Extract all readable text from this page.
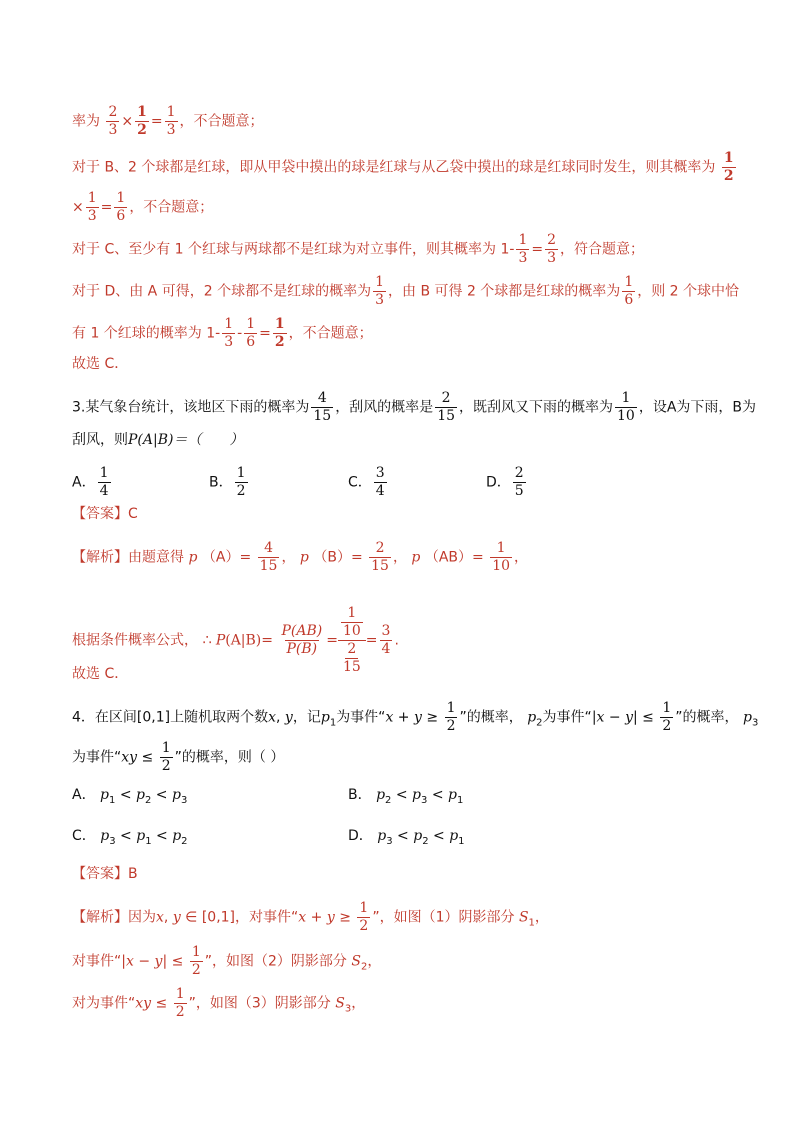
率为 $\frac{2}{3} \times \frac{1}{2} = \frac{1}{3}$ ，不合题意；
对于 B、2 个球都是红球，即从甲袋中摸出的球是红球与从乙袋中摸出的球是红球同时发生，则其概率为 $\frac{1}{2}$
× $\frac{1}{3} = \frac{1}{6}$ ，不合题意；
对于 C、至少有 1 个红球与两球都不是红球为对立事件，则其概率为 $1- \frac{1}{3} = \frac{2}{3}$ ，符合题意；
对于 D、由 A 可得，2 个球都不是红球的概率为 $\frac{1}{3}$ ，由 B 可得 2 个球都是红球的概率为 $\frac{1}{6}$ ，则 2 个球中恰
有 1 个红球的概率为 $1- \frac{1}{3} - \frac{1}{6} = \frac{1}{2}$ ，不合题意；
故选 C．
3.某气象台统计，该地区下雨的概率为 $\frac{4}{15}$ ，刮风的概率是 $\frac{2}{15}$ ，既刮风又下雨的概率为 $\frac{1}{10}$ ，设A为下雨，B为
刮风，则P(A|B)＝（　　）
A． $\frac{1}{4}$	B． $\frac{1}{2}$	C． $\frac{3}{4}$	D． $\frac{2}{5}$
【答案】C
【解析】由题意得 p $(A)= \frac{4}{15}$ ， p $(B)= \frac{2}{15}$ ， p $(AB)= \frac{1}{10}$ ，
根据条件概率公式， ∴ $P(A|B)= \frac{P(AB)}{P(B)} = 1$
10
2
$15 = \frac{3}{4}$ .
故选 C．
4．在区间[0,1]上随机取两个数x, y，记$p_1$为事件“$x + y \ge \frac{1}{2}$ ”的概率， $p_2$为事件“$|x - y| \le \frac{1}{2}$ ”的概率， $p_3$
为事件“xy ≤ $\frac{1}{2}$ ”的概率，则（ ）
A． $p_1 < p_2 < p_3$	B． $p_2 < p_3 < p_1$
C． $p_3 < p_1 < p_2$	D． $p_3 < p_2 < p_1$
【答案】B
【解析】因为x, y ∈ [0,1]，对事件“$x + y \ge \frac{1}{2}$ ”，如图（1）阴影部分 $S_1$，
对事件“$|x - y| \le \frac{1}{2}$ ”，如图（2）阴影部分 $S_2$，
对为事件“xy ≤ $\frac{1}{2}$ ”，如图（3）阴影部分 $S_3$，
